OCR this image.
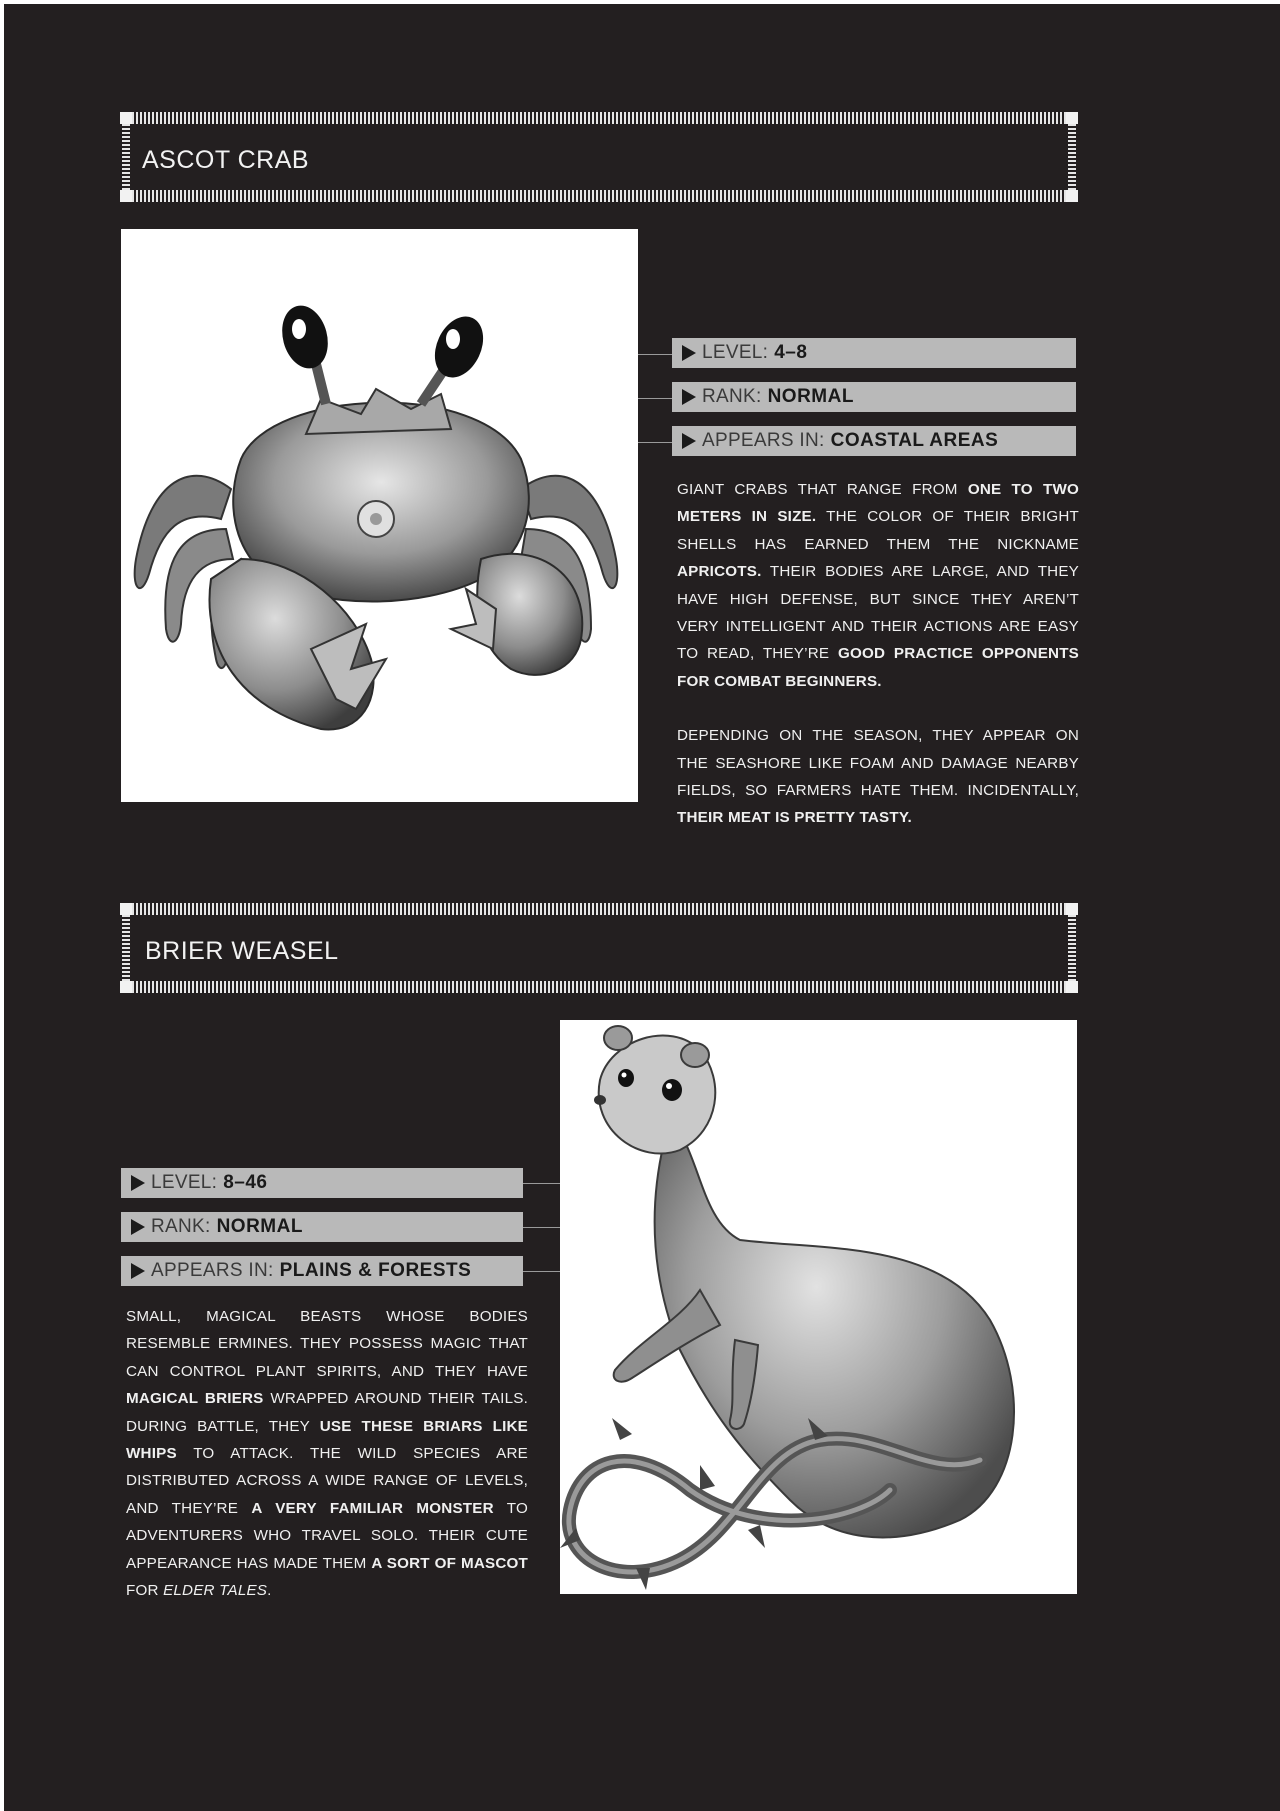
ASCOT CRAB
LEVEL: 4–8
RANK: NORMAL
APPEARS IN: COASTAL AREAS

GIANT CRABS THAT RANGE FROM ONE TO TWO METERS IN SIZE. THE COLOR OF THEIR BRIGHT SHELLS HAS EARNED THEM THE NICKNAME APRICOTS. THEIR BODIES ARE LARGE, AND THEY HAVE HIGH DEFENSE, BUT SINCE THEY AREN’T VERY INTELLIGENT AND THEIR ACTIONS ARE EASY TO READ, THEY’RE GOOD PRACTICE OPPONENTS FOR COMBAT BEGINNERS.

DEPENDING ON THE SEASON, THEY APPEAR ON THE SEASHORE LIKE FOAM AND DAMAGE NEARBY FIELDS, SO FARMERS HATE THEM. INCIDENTALLY, THEIR MEAT IS PRETTY TASTY.

BRIER WEASEL
LEVEL: 8–46
RANK: NORMAL
APPEARS IN: PLAINS & FORESTS

SMALL, MAGICAL BEASTS WHOSE BODIES RESEMBLE ERMINES. THEY POSSESS MAGIC THAT CAN CONTROL PLANT SPIRITS, AND THEY HAVE MAGICAL BRIERS WRAPPED AROUND THEIR TAILS. DURING BATTLE, THEY USE THESE BRIARS LIKE WHIPS TO ATTACK. THE WILD SPECIES ARE DISTRIBUTED ACROSS A WIDE RANGE OF LEVELS, AND THEY’RE A VERY FAMILIAR MONSTER TO ADVENTURERS WHO TRAVEL SOLO. THEIR CUTE APPEARANCE HAS MADE THEM A SORT OF MASCOT FOR ELDER TALES.
